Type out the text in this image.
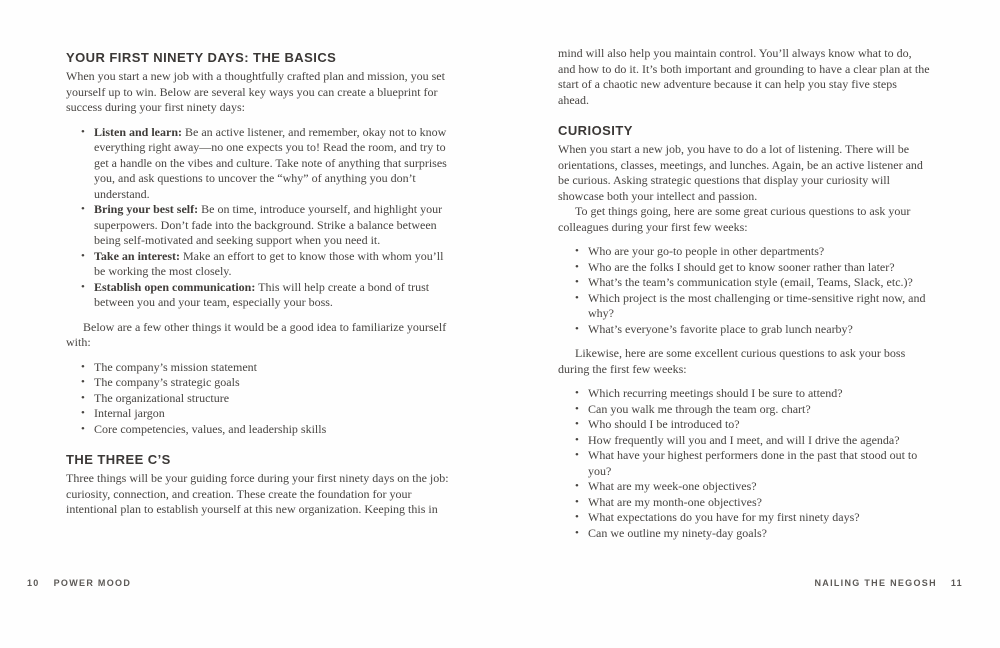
YOUR FIRST NINETY DAYS: THE BASICS

When you start a new job with a thoughtfully crafted plan and mission, you set yourself up to win. Below are several key ways you can create a blueprint for success during your first ninety days:

• Listen and learn: Be an active listener, and remember, okay not to know everything right away—no one expects you to! Read the room, and try to get a handle on the vibes and culture. Take note of anything that surprises you, and ask questions to uncover the “why” of anything you don’t understand.
• Bring your best self: Be on time, introduce yourself, and highlight your superpowers. Don’t fade into the background. Strike a balance between being self-motivated and seeking support when you need it.
• Take an interest: Make an effort to get to know those with whom you’ll be working the most closely.
• Establish open communication: This will help create a bond of trust between you and your team, especially your boss.

Below are a few other things it would be a good idea to familiarize yourself with:

• The company’s mission statement
• The company’s strategic goals
• The organizational structure
• Internal jargon
• Core competencies, values, and leadership skills
THE THREE C’S

Three things will be your guiding force during your first ninety days on the job: curiosity, connection, and creation. These create the foundation for your intentional plan to establish yourself at this new organization. Keeping this in

mind will also help you maintain control. You’ll always know what to do, and how to do it. It’s both important and grounding to have a clear plan at the start of a chaotic new adventure because it can help you stay five steps ahead.

CURIOSITY

When you start a new job, you have to do a lot of listening. There will be orientations, classes, meetings, and lunches. Again, be an active listener and be curious. Asking strategic questions that display your curiosity will showcase both your intellect and passion.

To get things going, here are some great curious questions to ask your colleagues during your first few weeks:

• Who are your go-to people in other departments?
• Who are the folks I should get to know sooner rather than later?
• What’s the team’s communication style (email, Teams, Slack, etc.)?
• Which project is the most challenging or time-sensitive right now, and why?
• What’s everyone’s favorite place to grab lunch nearby?

Likewise, here are some excellent curious questions to ask your boss during the first few weeks:

• Which recurring meetings should I be sure to attend?
• Can you walk me through the team org. chart?
• Who should I be introduced to?
• How frequently will you and I meet, and will I drive the agenda?
• What have your highest performers done in the past that stood out to you?
• What are my week-one objectives?
• What are my month-one objectives?
• What expectations do you have for my first ninety days?
• Can we outline my ninety-day goals?
10 POWER MOOD	NAILING THE NEGOSH 11
